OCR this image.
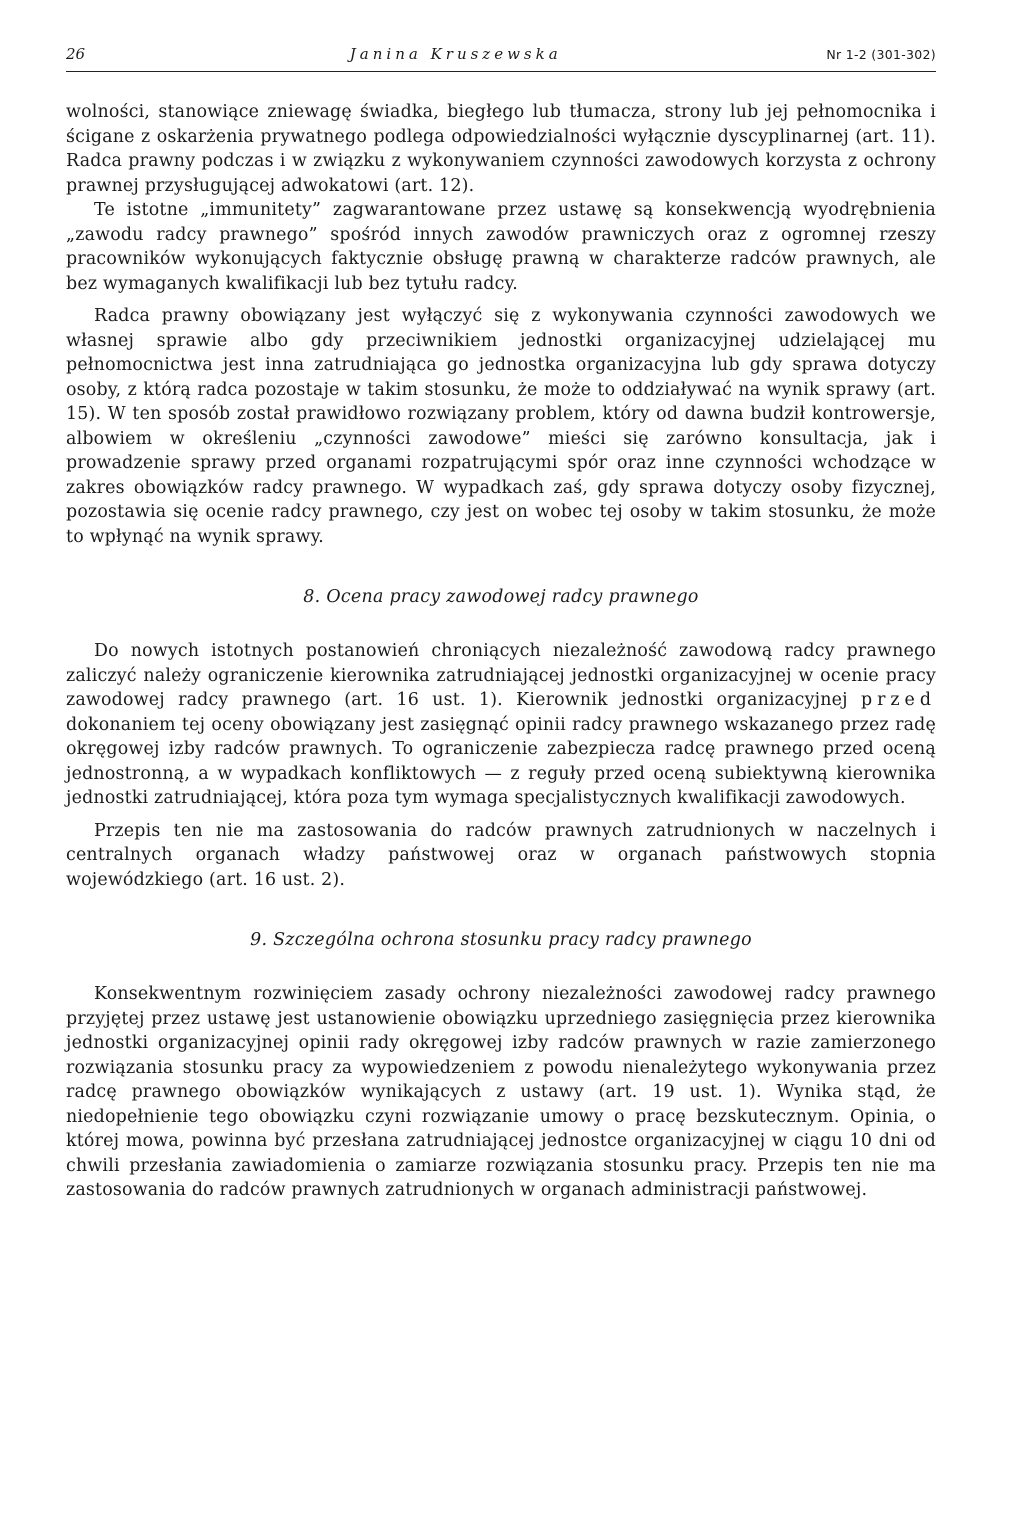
26	Janina Kruszewska	Nr 1-2 (301-302)

wolności, stanowiące zniewagę świadka, biegłego lub tłumacza, strony lub jej pełnomocnika i ścigane z oskarżenia prywatnego podlega odpowiedzialności wyłącznie dyscyplinarnej (art. 11). Radca prawny podczas i w związku z wykonywaniem czynności zawodowych korzysta z ochrony prawnej przysługującej adwokatowi (art. 12).

Te istotne „immunitety” zagwarantowane przez ustawę są konsekwencją wyodrębnienia „zawodu radcy prawnego” spośród innych zawodów prawniczych oraz z ogromnej rzeszy pracowników wykonujących faktycznie obsługę prawną w charakterze radców prawnych, ale bez wymaganych kwalifikacji lub bez tytułu radcy.

Radca prawny obowiązany jest wyłączyć się z wykonywania czynności zawodowych we własnej sprawie albo gdy przeciwnikiem jednostki organizacyjnej udzielającej mu pełnomocnictwa jest inna zatrudniająca go jednostka organizacyjna lub gdy sprawa dotyczy osoby, z którą radca pozostaje w takim stosunku, że może to oddziaływać na wynik sprawy (art. 15). W ten sposób został prawidłowo rozwiązany problem, który od dawna budził kontrowersje, albowiem w określeniu „czynności zawodowe” mieści się zarówno konsultacja, jak i prowadzenie sprawy przed organami rozpatrującymi spór oraz inne czynności wchodzące w zakres obowiązków radcy prawnego. W wypadkach zaś, gdy sprawa dotyczy osoby fizycznej, pozostawia się ocenie radcy prawnego, czy jest on wobec tej osoby w takim stosunku, że może to wpłynąć na wynik sprawy.

8. Ocena pracy zawodowej radcy prawnego

Do nowych istotnych postanowień chroniących niezależność zawodową radcy prawnego zaliczyć należy ograniczenie kierownika zatrudniającej jednostki organizacyjnej w ocenie pracy zawodowej radcy prawnego (art. 16 ust. 1). Kierownik jednostki organizacyjnej przed dokonaniem tej oceny obowiązany jest zasięgnąć opinii radcy prawnego wskazanego przez radę okręgowej izby radców prawnych. To ograniczenie zabezpiecza radcę prawnego przed oceną jednostronną, a w wypadkach konfliktowych — z reguły przed oceną subiektywną kierownika jednostki zatrudniającej, która poza tym wymaga specjalistycznych kwalifikacji zawodowych.

Przepis ten nie ma zastosowania do radców prawnych zatrudnionych w naczelnych i centralnych organach władzy państwowej oraz w organach państwowych stopnia wojewódzkiego (art. 16 ust. 2).

9. Szczególna ochrona stosunku pracy radcy prawnego

Konsekwentnym rozwinięciem zasady ochrony niezależności zawodowej radcy prawnego przyjętej przez ustawę jest ustanowienie obowiązku uprzedniego zasięgnięcia przez kierownika jednostki organizacyjnej opinii rady okręgowej izby radców prawnych w razie zamierzonego rozwiązania stosunku pracy za wypowiedzeniem z powodu nienależytego wykonywania przez radcę prawnego obowiązków wynikających z ustawy (art. 19 ust. 1). Wynika stąd, że niedopełnienie tego obowiązku czyni rozwiązanie umowy o pracę bezskutecznym. Opinia, o której mowa, powinna być przesłana zatrudniającej jednostce organizacyjnej w ciągu 10 dni od chwili przesłania zawiadomienia o zamiarze rozwiązania stosunku pracy. Przepis ten nie ma zastosowania do radców prawnych zatrudnionych w organach administracji państwowej.
